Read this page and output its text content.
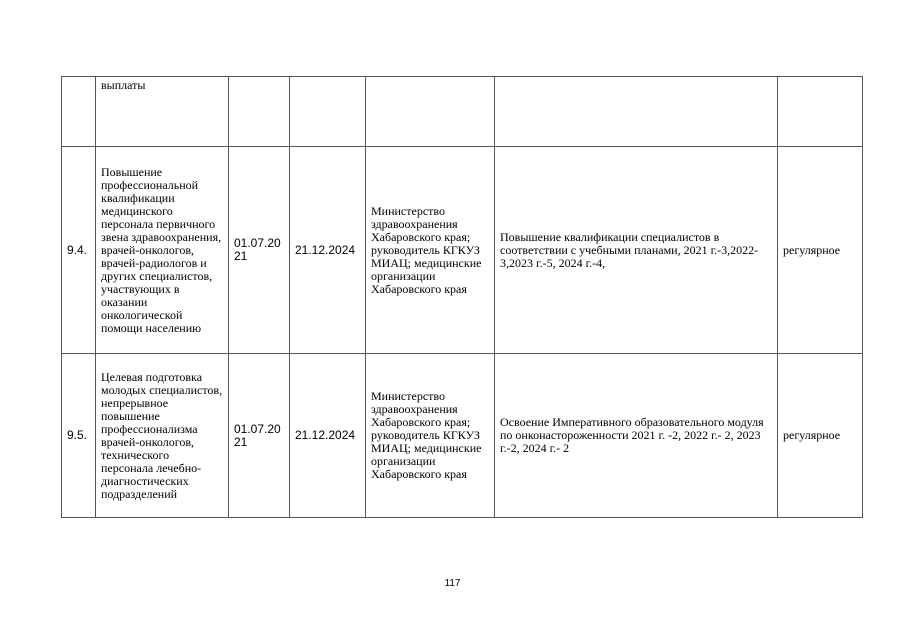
	выплаты					
9.4.	Повышение профессиональной квалификации медицинского персонала первичного звена здравоохранения, врачей-онкологов, врачей-радиологов и других специалистов, участвующих в оказании онкологической помощи населению	01.07.20 21	21.12.2024	Министерство здравоохранения Хабаровского края; руководитель КГКУЗ МИАЦ; медицинские организации Хабаровского края	Повышение квалификации специалистов в соответствии с учебными планами, 2021 г.-3,2022-3,2023 г.-5, 2024 г.-4,	регулярное
9.5.	Целевая подготовка молодых специалистов, непрерывное повышение профессионализма врачей-онкологов, технического персонала лечебно-диагностических подразделений	01.07.20 21	21.12.2024	Министерство здравоохранения Хабаровского края; руководитель КГКУЗ МИАЦ; медицинские организации Хабаровского края	Освоение Императивного образовательного модуля по онконастороженности 2021 г. -2, 2022 г.- 2, 2023 г.-2, 2024 г.- 2	регулярное
117
